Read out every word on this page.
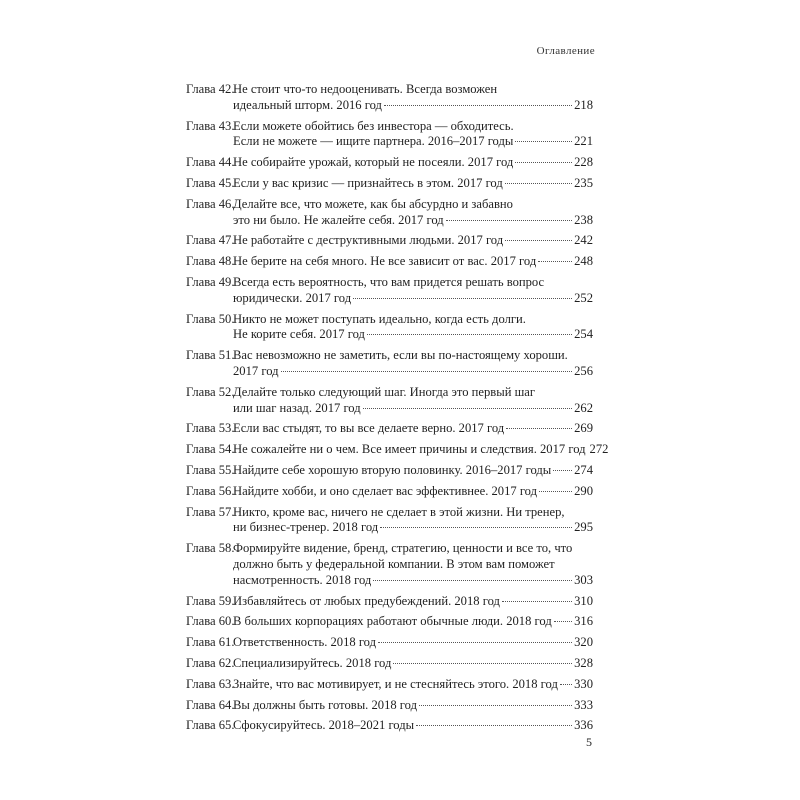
Оглавление
Глава 42.
Не стоит что-то недооценивать. Всегда возможен
идеальный шторм. 2016 год	218
Глава 43.
Если можете обойтись без инвестора — обходитесь.
Если не можете — ищите партнера. 2016–2017 годы	221
Глава 44.
Не собирайте урожай, который не посеяли. 2017 год	228
Глава 45.
Если у вас кризис — признайтесь в этом. 2017 год	235
Глава 46.
Делайте все, что можете, как бы абсурдно и забавно
это ни было. Не жалейте себя. 2017 год	238
Глава 47.
Не работайте с деструктивными людьми. 2017 год	242
Глава 48.
Не берите на себя много. Не все зависит от вас. 2017 год	248
Глава 49.
Всегда есть вероятность, что вам придется решать вопрос
юридически. 2017 год	252
Глава 50.
Никто не может поступать идеально, когда есть долги.
Не корите себя. 2017 год	254
Глава 51.
Вас невозможно не заметить, если вы по-настоящему хороши.
2017 год	256
Глава 52.
Делайте только следующий шаг. Иногда это первый шаг
или шаг назад. 2017 год	262
Глава 53.
Если вас стыдят, то вы все делаете верно. 2017 год	269
Глава 54.
Не сожалейте ни о чем. Все имеет причины и следствия. 2017 год 272
Глава 55.
Найдите себе хорошую вторую половинку. 2016–2017 годы 274
Глава 56.
Найдите хобби, и оно сделает вас эффективнее. 2017 год	290
Глава 57.
Никто, кроме вас, ничего не сделает в этой жизни. Ни тренер,
ни бизнес-тренер. 2018 год	295
Глава 58.
Формируйте видение, бренд, стратегию, ценности и все то, что
должно быть у федеральной компании. В этом вам поможет
насмотренность. 2018 год	303
Глава 59.
Избавляйтесь от любых предубеждений. 2018 год	310
Глава 60.
В больших корпорациях работают обычные люди. 2018 год 316
Глава 61.
Ответственность. 2018 год	320
Глава 62.
Специализируйтесь. 2018 год	328
Глава 63.
Знайте, что вас мотивирует, и не стесняйтесь этого. 2018 год 330
Глава 64.
Вы должны быть готовы. 2018 год	333
Глава 65.
Сфокусируйтесь. 2018–2021 годы	336
5
